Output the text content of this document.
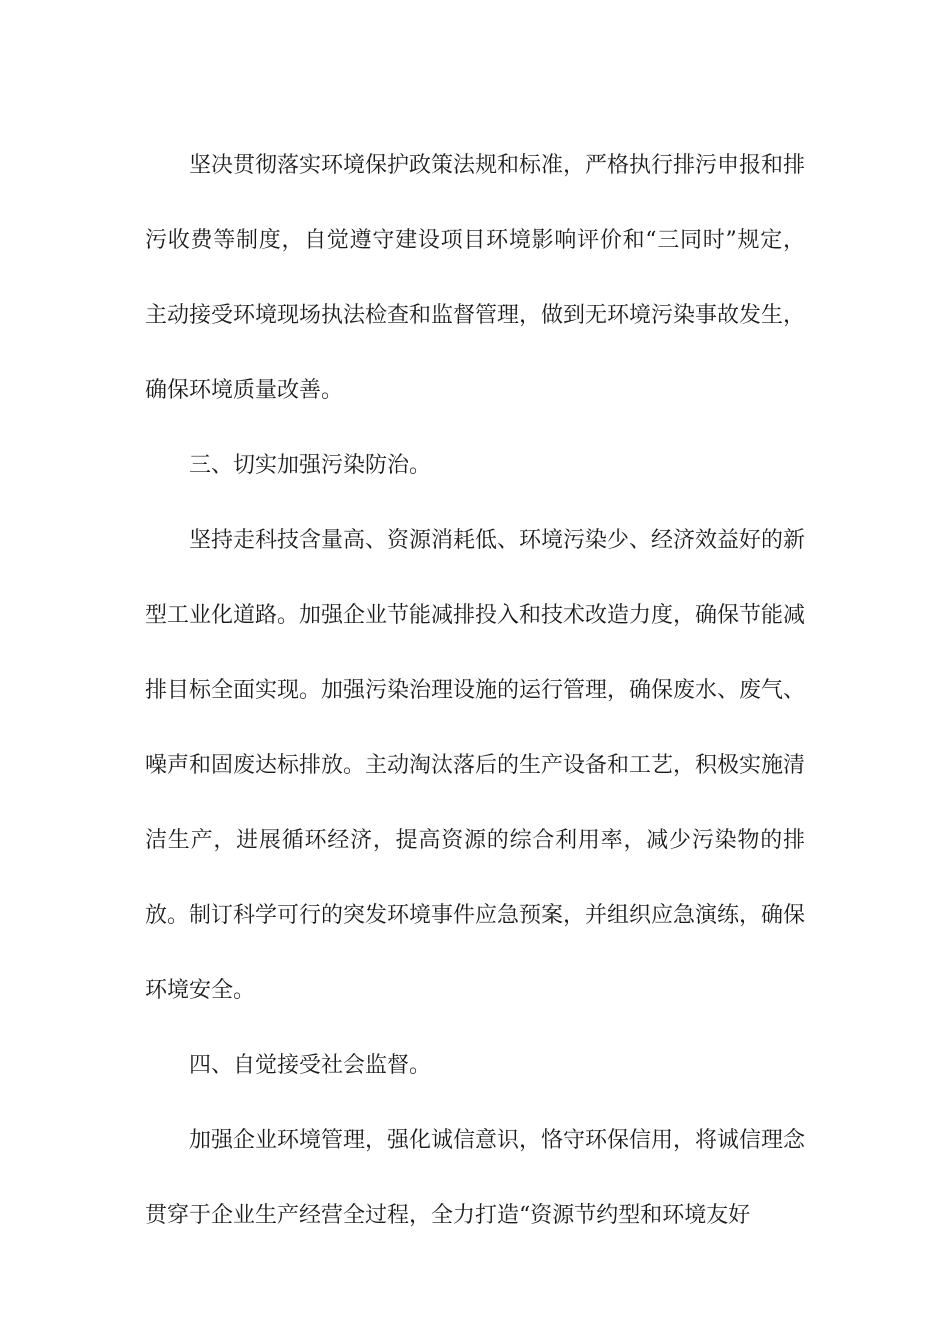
坚决贯彻落实环境保护政策法规和标准，严格执行排污申报和排污收费等制度，自觉遵守建设项目环境影响评价和“三同时”规定，主动接受环境现场执法检查和监督管理，做到无环境污染事故发生，确保环境质量改善。

三、切实加强污染防治。

坚持走科技含量高、资源消耗低、环境污染少、经济效益好的新型工业化道路。加强企业节能减排投入和技术改造力度，确保节能减排目标全面实现。加强污染治理设施的运行管理，确保废水、废气、噪声和固废达标排放。主动淘汰落后的生产设备和工艺，积极实施清洁生产，进展循环经济，提高资源的综合利用率，减少污染物的排放。制订科学可行的突发环境事件应急预案，并组织应急演练，确保环境安全。

四、自觉接受社会监督。

加强企业环境管理，强化诚信意识，恪守环保信用，将诚信理念贯穿于企业生产经营全过程，全力打造“资源节约型和环境友好
